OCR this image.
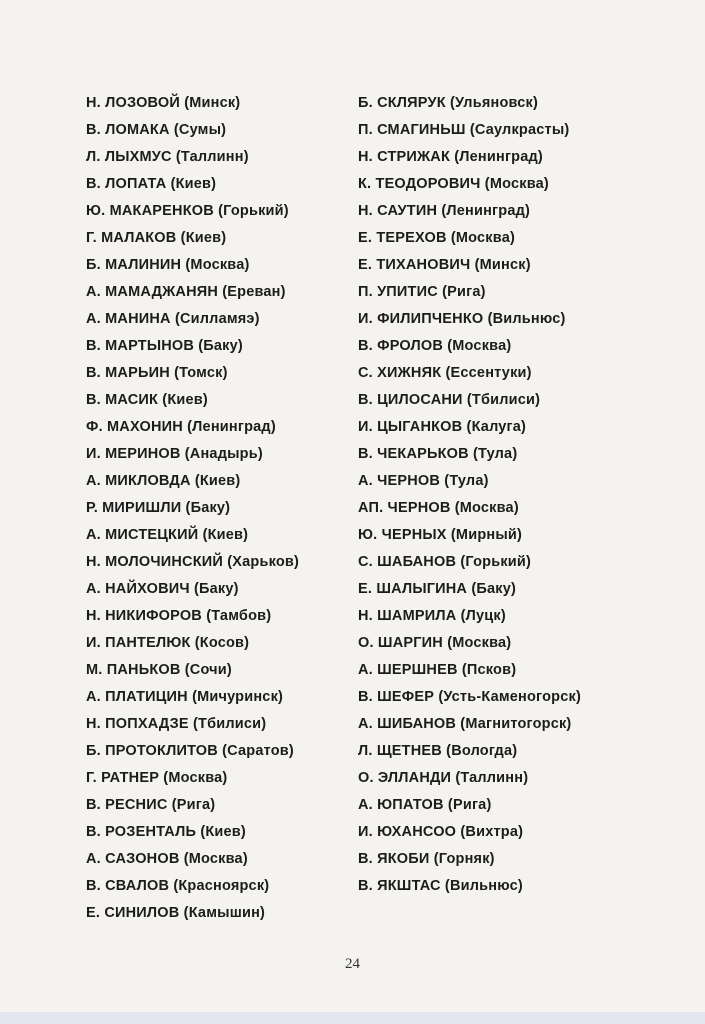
Н. ЛОЗОВОЙ (Минск)
В. ЛОМАКА (Сумы)
Л. ЛЫХМУС (Таллинн)
В. ЛОПАТА (Киев)
Ю. МАКАРЕНКОВ (Горький)
Г. МАЛАКОВ (Киев)
Б. МАЛИНИН (Москва)
А. МАМАДЖАНЯН (Ереван)
А. МАНИНА (Силламяэ)
В. МАРТЫНОВ (Баку)
В. МАРЬИН (Томск)
В. МАСИК (Киев)
Ф. МАХОНИН (Ленинград)
И. МЕРИНОВ (Анадырь)
А. МИКЛОВДА (Киев)
Р. МИРИШЛИ (Баку)
А. МИСТЕЦКИЙ (Киев)
Н. МОЛОЧИНСКИЙ (Харьков)
А. НАЙХОВИЧ (Баку)
Н. НИКИФОРОВ (Тамбов)
И. ПАНТЕЛЮК (Косов)
М. ПАНЬКОВ (Сочи)
А. ПЛАТИЦИН (Мичуринск)
Н. ПОПХАДЗЕ (Тбилиси)
Б. ПРОТОКЛИТОВ (Саратов)
Г. РАТНЕР (Москва)
В. РЕСНИС (Рига)
В. РОЗЕНТАЛЬ (Киев)
А. САЗОНОВ (Москва)
В. СВАЛОВ (Красноярск)
Е. СИНИЛОВ (Камышин)
Б. СКЛЯРУК (Ульяновск)
П. СМАГИНЬШ (Саулкрасты)
Н. СТРИЖАК (Ленинград)
К. ТЕОДОРОВИЧ (Москва)
Н. САУТИН (Ленинград)
Е. ТЕРЕХОВ (Москва)
Е. ТИХАНОВИЧ (Минск)
П. УПИТИС (Рига)
И. ФИЛИПЧЕНКО (Вильнюс)
В. ФРОЛОВ (Москва)
С. ХИЖНЯК (Ессентуки)
В. ЦИЛОСАНИ (Тбилиси)
И. ЦЫГАНКОВ (Калуга)
В. ЧЕКАРЬКОВ (Тула)
А. ЧЕРНОВ (Тула)
АП. ЧЕРНОВ (Москва)
Ю. ЧЕРНЫХ (Мирный)
С. ШАБАНОВ (Горький)
Е. ШАЛЫГИНА (Баку)
Н. ШАМРИЛА (Луцк)
О. ШАРГИН (Москва)
А. ШЕРШНЕВ (Псков)
В. ШЕФЕР (Усть-Каменогорск)
А. ШИБАНОВ (Магнитогорск)
Л. ЩЕТНЕВ (Вологда)
О. ЭЛЛАНДИ (Таллинн)
А. ЮПАТОВ (Рига)
И. ЮХАНСОО (Вихтра)
В. ЯКОБИ (Горняк)
В. ЯКШТАС (Вильнюс)
24
